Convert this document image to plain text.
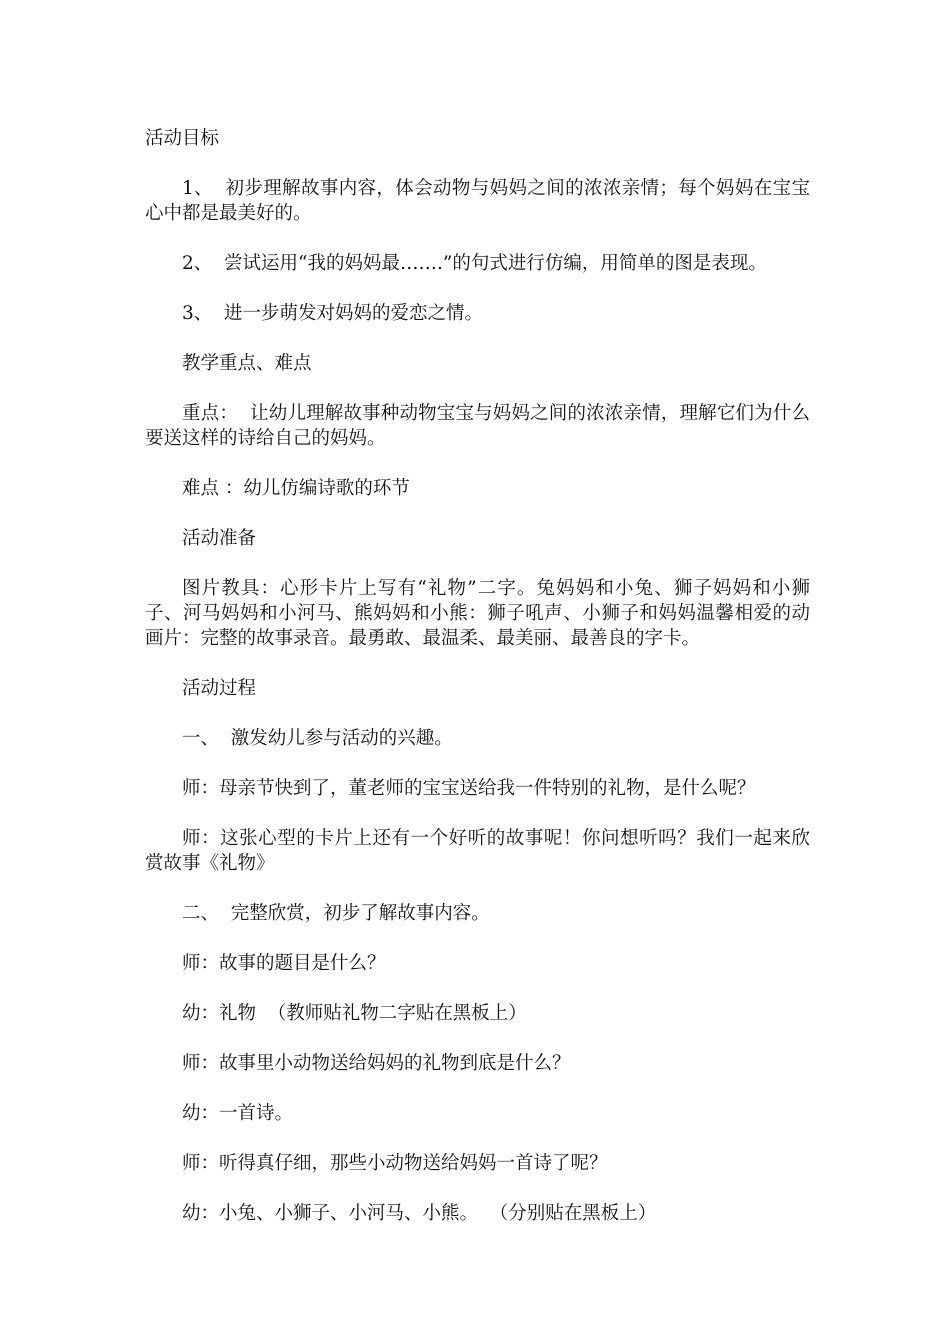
活动目标

1、  初步理解故事内容，体会动物与妈妈之间的浓浓亲情；每个妈妈在宝宝心中都是最美好的。

2、  尝试运用“我的妈妈最…….”的句式进行仿编，用简单的图是表现。

3、  进一步萌发对妈妈的爱恋之情。

教学重点、难点

重点：  让幼儿理解故事种动物宝宝与妈妈之间的浓浓亲情，理解它们为什么要送这样的诗给自己的妈妈。

难点 ：幼儿仿编诗歌的环节

活动准备

图片教具：心形卡片上写有“礼物”二字。兔妈妈和小兔、狮子妈妈和小狮子、河马妈妈和小河马、熊妈妈和小熊：狮子吼声、小狮子和妈妈温馨相爱的动画片：完整的故事录音。最勇敢、最温柔、最美丽、最善良的字卡。

活动过程

一、  激发幼儿参与活动的兴趣。

师：母亲节快到了，董老师的宝宝送给我一件特别的礼物，是什么呢？

师：这张心型的卡片上还有一个好听的故事呢！你问想听吗？我们一起来欣赏故事《礼物》

二、  完整欣赏，初步了解故事内容。

师：故事的题目是什么？

幼：礼物  （教师贴礼物二字贴在黑板上）

师：故事里小动物送给妈妈的礼物到底是什么？

幼：一首诗。

师：听得真仔细，那些小动物送给妈妈一首诗了呢？

幼：小兔、小狮子、小河马、小熊。  （分别贴在黑板上）
